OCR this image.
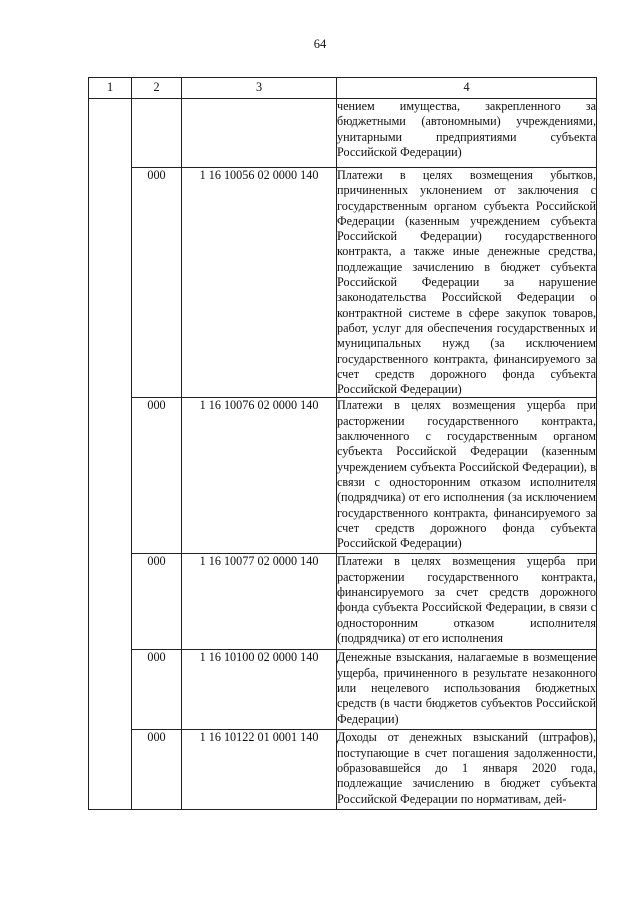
64
1	2	3	4
			чением имущества, закрепленного за бюджетными (автономными) учреждениями, унитарными предприятиями субъекта Российской Федерации)
	000	1 16 10056 02 0000 140	Платежи в целях возмещения убытков, причиненных уклонением от заключения с государственным органом субъекта Российской Федерации (казенным учреждением субъекта Российской Федерации) государственного контракта, а также иные денежные средства, подлежащие зачислению в бюджет субъекта Российской Федерации за нарушение законодательства Российской Федерации о контрактной системе в сфере закупок товаров, работ, услуг для обеспечения государственных и муниципальных нужд (за исключением государственного контракта, финансируемого за счет средств дорожного фонда субъекта Российской Федерации)
	000	1 16 10076 02 0000 140	Платежи в целях возмещения ущерба при расторжении государственного контракта, заключенного с государственным органом субъекта Российской Федерации (казенным учреждением субъекта Российской Федерации), в связи с односторонним отказом исполнителя (подрядчика) от его исполнения (за исключением государственного контракта, финансируемого за счет средств дорожного фонда субъекта Российской Федерации)
	000	1 16 10077 02 0000 140	Платежи в целях возмещения ущерба при расторжении государственного контракта, финансируемого за счет средств дорожного фонда субъекта Российской Федерации, в связи с односторонним отказом исполнителя (подрядчика) от его исполнения
	000	1 16 10100 02 0000 140	Денежные взыскания, налагаемые в возмещение ущерба, причиненного в результате незаконного или нецелевого использования бюджетных средств (в части бюджетов субъектов Российской Федерации)
	000	1 16 10122 01 0001 140	Доходы от денежных взысканий (штрафов), поступающие в счет погашения задолженности, образовавшейся до 1 января 2020 года, подлежащие зачислению в бюджет субъекта Российской Федерации по нормативам, дей-
